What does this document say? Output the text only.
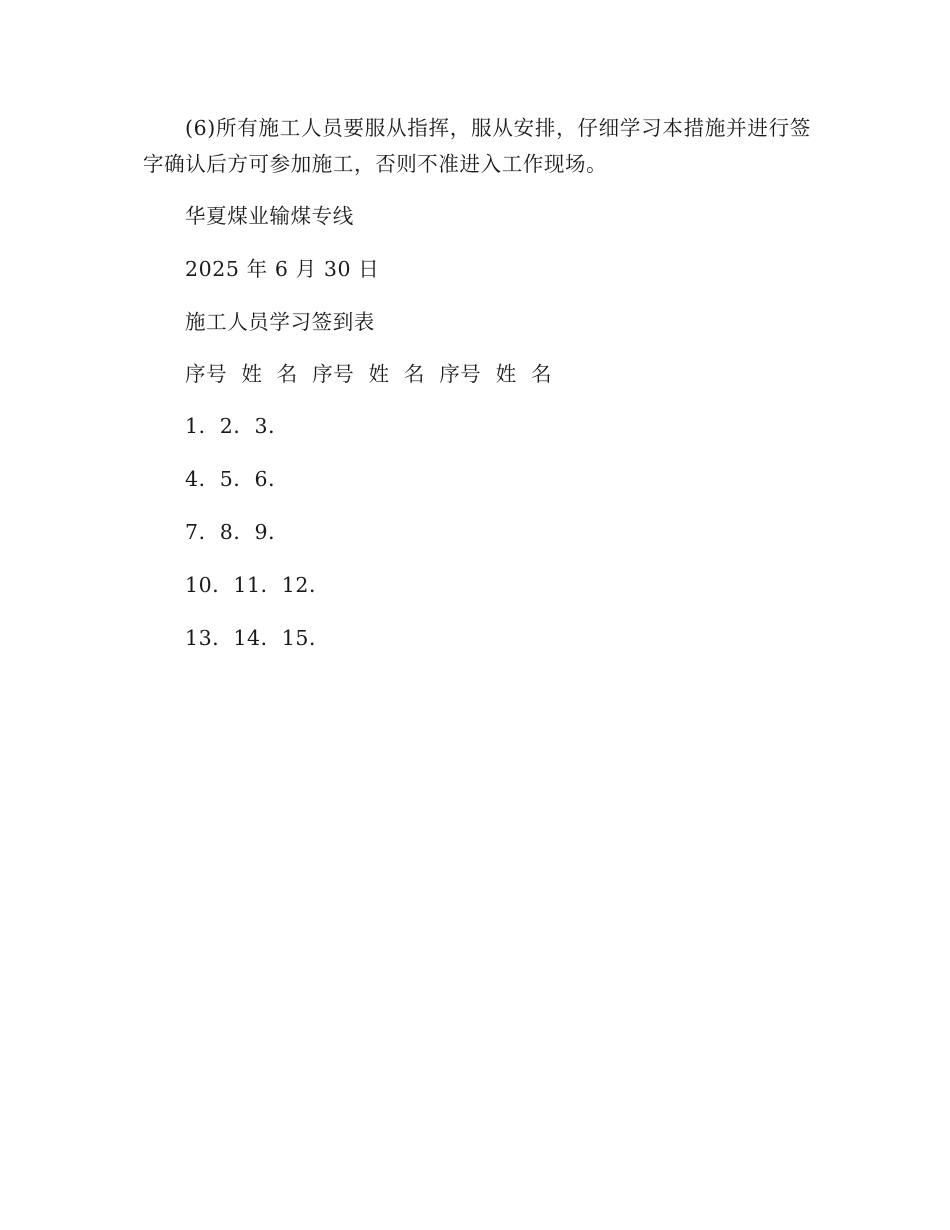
(6)所有施工人员要服从指挥，服从安排，仔细学习本措施并进行签字确认后方可参加施工，否则不准进入工作现场。

华夏煤业输煤专线
2025 年 6 月 30 日
施工人员学习签到表
序号  姓  名  序号  姓  名  序号  姓  名
1．2．3．
4．5．6．
7．8．9．
10．11．12．
13．14．15．
